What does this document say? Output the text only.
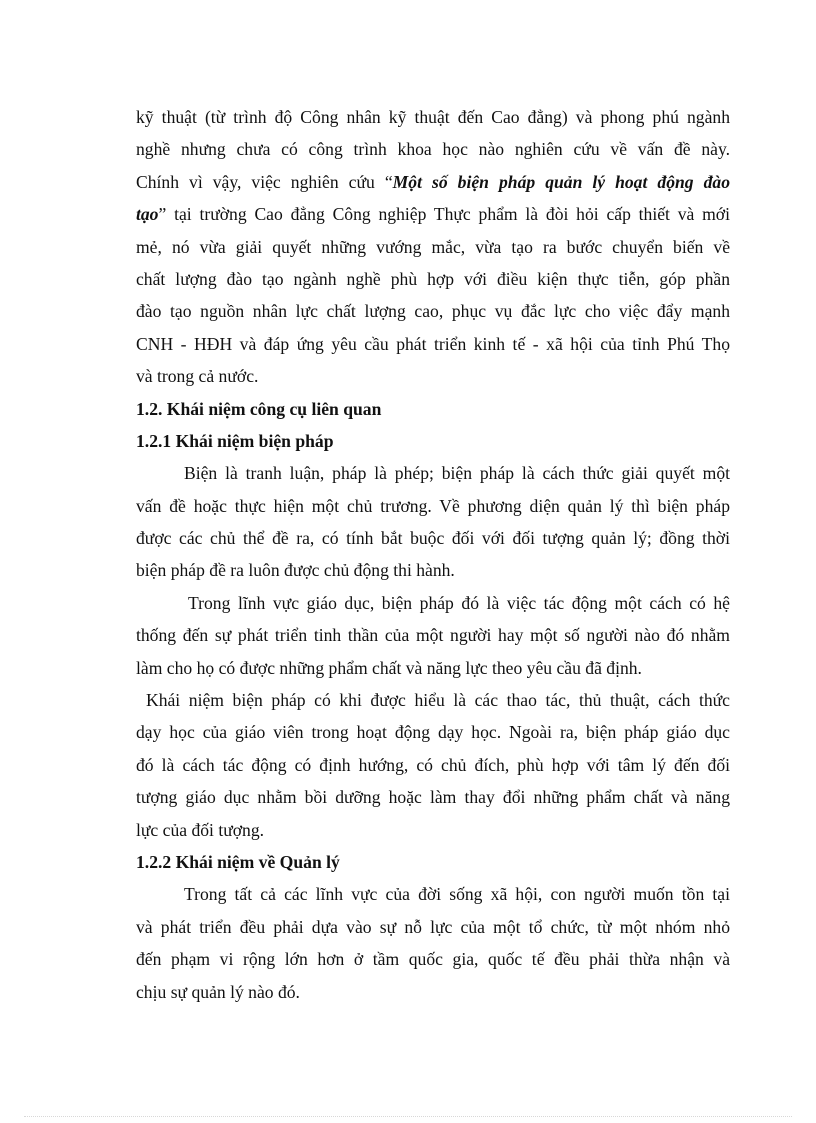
kỹ thuật (từ trình độ Công nhân kỹ thuật đến Cao đẳng) và phong phú ngành
nghề nhưng chưa có công trình khoa học nào nghiên cứu về vấn đề này.
Chính vì vậy, việc nghiên cứu “Một số biện pháp quản lý hoạt động đào
tạo” tại trường Cao đẳng Công nghiệp Thực phẩm là đòi hỏi cấp thiết và mới
mẻ, nó vừa giải quyết những vướng mắc, vừa tạo ra bước chuyển biến về
chất lượng đào tạo ngành nghề phù hợp với điều kiện thực tiễn, góp phần
đào tạo nguồn nhân lực chất lượng cao, phục vụ đắc lực cho việc đẩy mạnh
CNH - HĐH và đáp ứng yêu cầu phát triển kinh tế - xã hội của tỉnh Phú Thọ
và trong cả nước.
1.2. Khái niệm công cụ liên quan
1.2.1 Khái niệm biện pháp
Biện là tranh luận, pháp là phép; biện pháp là cách thức giải quyết một
vấn đề hoặc thực hiện một chủ trương. Về phương diện quản lý thì biện pháp
được các chủ thể đề ra, có tính bắt buộc đối với đối tượng quản lý; đồng thời
biện pháp đề ra luôn được chủ động thi hành.
Trong lĩnh vực giáo dục, biện pháp đó là việc tác động một cách có hệ
thống đến sự phát triển tinh thần của một người hay một số người nào đó nhằm
làm cho họ có được những phẩm chất và năng lực theo yêu cầu đã định.
Khái niệm biện pháp có khi được hiểu là các thao tác, thủ thuật, cách thức
dạy học của giáo viên trong hoạt động dạy học. Ngoài ra, biện pháp giáo dục
đó là cách tác động có định hướng, có chủ đích, phù hợp với tâm lý đến đối
tượng giáo dục nhằm bồi dưỡng hoặc làm thay đổi những phẩm chất và năng
lực của đối tượng.
1.2.2 Khái niệm về Quản lý
Trong tất cả các lĩnh vực của đời sống xã hội, con người muốn tồn tại
và phát triển đều phải dựa vào sự nỗ lực của một tổ chức, từ một nhóm nhỏ
đến phạm vi rộng lớn hơn ở tầm quốc gia, quốc tế đều phải thừa nhận và
chịu sự quản lý nào đó.
